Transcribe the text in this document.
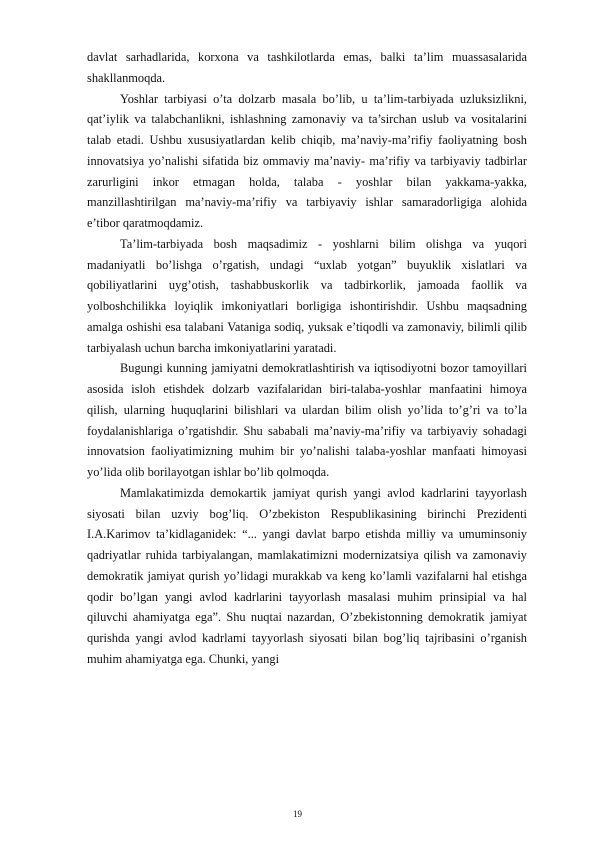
davlat sarhadlarida, korxona va tashkilotlarda emas, balki ta’lim muassasalarida shakllanmoqda.

Yoshlar tarbiyasi o’ta dolzarb masala bo’lib, u ta’lim-tarbiyada uzluksizlikni, qat’iylik va talabchanlikni, ishlashning zamonaviy va ta’sirchan uslub va vositalarini talab etadi. Ushbu xususiyatlardan kelib chiqib, ma’naviy-ma’rifiy faoliyatning bosh innovatsiya yo’nalishi sifatida biz ommaviy ma’naviy- ma’rifiy va tarbiyaviy tadbirlar zarurligini inkor etmagan holda, talaba - yoshlar bilan yakkama-yakka, manzillashtirilgan ma’naviy-ma’rifiy va tarbiyaviy ishlar samaradorligiga alohida e’tibor qaratmoqdamiz.

Ta’lim-tarbiyada bosh maqsadimiz - yoshlarni bilim olishga va yuqori madaniyatli bo’lishga o’rgatish, undagi “uxlab yotgan” buyuklik xislatlari va qobiliyatlarini uyg’otish, tashabbuskorlik va tadbirkorlik, jamoada faollik va yolboshchilikka loyiqlik imkoniyatlari borligiga ishontirishdir. Ushbu maqsadning amalga oshishi esa talabani Vataniga sodiq, yuksak e’tiqodli va zamonaviy, bilimli qilib tarbiyalash uchun barcha imkoniyatlarini yaratadi.

Bugungi kunning jamiyatni demokratlashtirish va iqtisodiyotni bozor tamoyillari asosida isloh etishdek dolzarb vazifalaridan biri-talaba-yoshlar manfaatini himoya qilish, ularning huquqlarini bilishlari va ulardan bilim olish yo’lida to’g’ri va to’la foydalanishlariga o’rgatishdir. Shu sababali ma’naviy-ma’rifiy va tarbiyaviy sohadagi innovatsion faoliyatimizning muhim bir yo’nalishi talaba-yoshlar manfaati himoyasi yo’lida olib borilayotgan ishlar bo’lib qolmoqda.

Mamlakatimizda demokartik jamiyat qurish yangi avlod kadrlarini tayyorlash siyosati bilan uzviy bog’liq. O’zbekiston Respublikasining birinchi Prezidenti I.A.Karimov ta’kidlaganidek: “... yangi davlat barpo etishda milliy va umuminsoniy qadriyatlar ruhida tarbiyalangan, mamlakatimizni modernizatsiya qilish va zamonaviy demokratik jamiyat qurish yo’lidagi murakkab va keng ko’lamli vazifalarni hal etishga qodir bo’lgan yangi avlod kadrlarini tayyorlash masalasi muhim prinsipial va hal qiluvchi ahamiyatga ega”. Shu nuqtai nazardan, O’zbekistonning demokratik jamiyat qurishda yangi avlod kadrlami tayyorlash siyosati bilan bog’liq tajribasini o’rganish muhim ahamiyatga ega. Chunki, yangi

19
